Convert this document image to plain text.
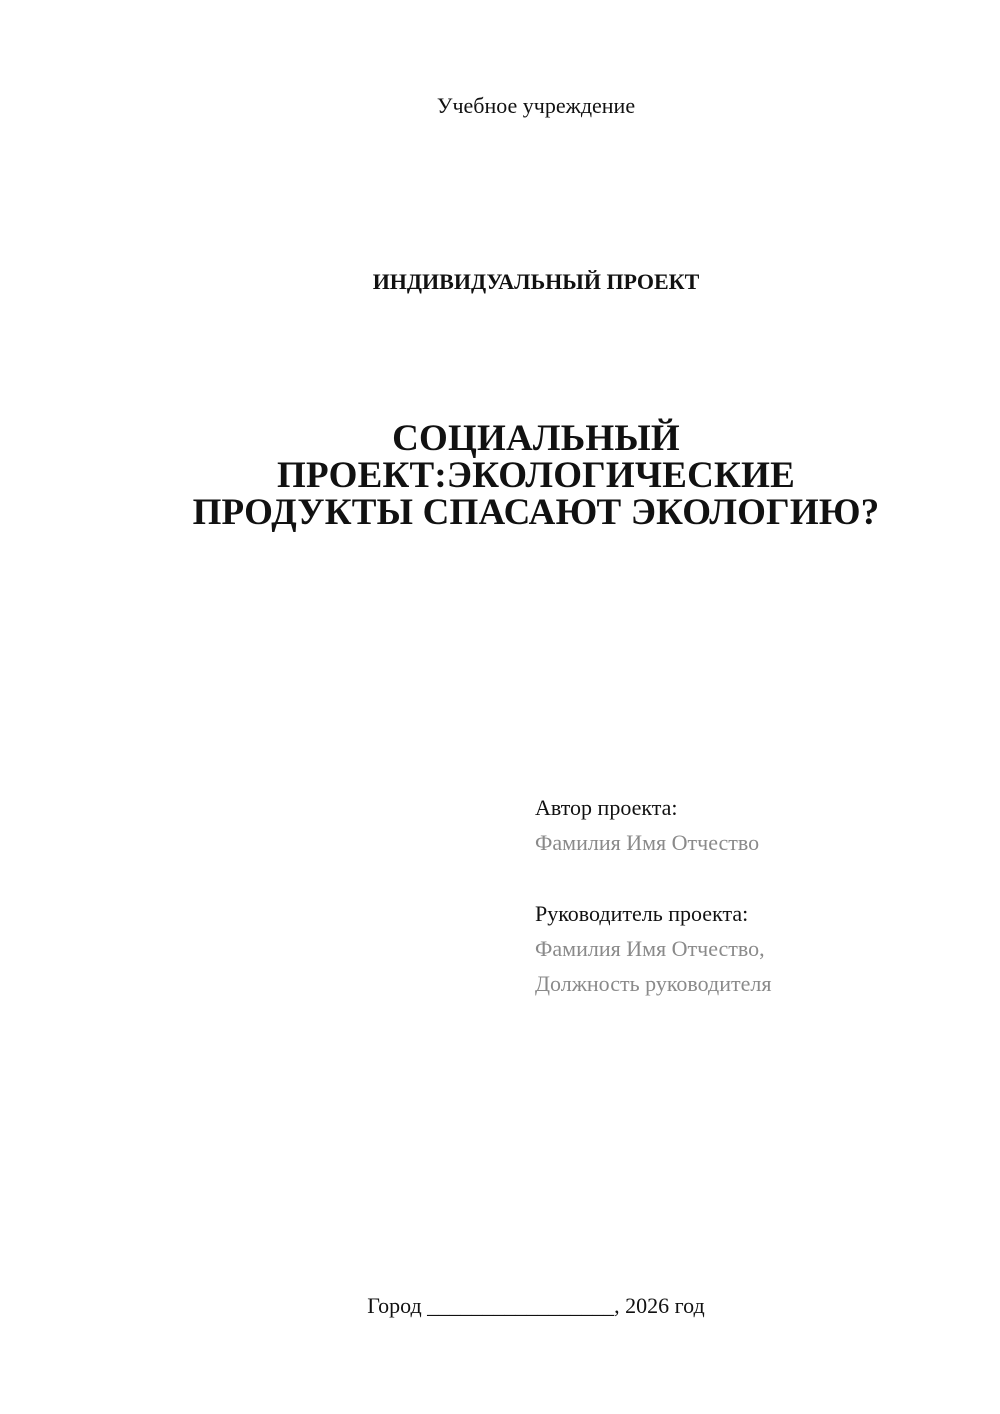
Учебное учреждение
ИНДИВИДУАЛЬНЫЙ ПРОЕКТ
СОЦИАЛЬНЫЙ
ПРОЕКТ:ЭКОЛОГИЧЕСКИЕ
ПРОДУКТЫ СПАСАЮТ ЭКОЛОГИЮ?
Автор проекта:
Фамилия Имя Отчество
Руководитель проекта:
Фамилия Имя Отчество,
Должность руководителя
Город _________________, 2026 год
